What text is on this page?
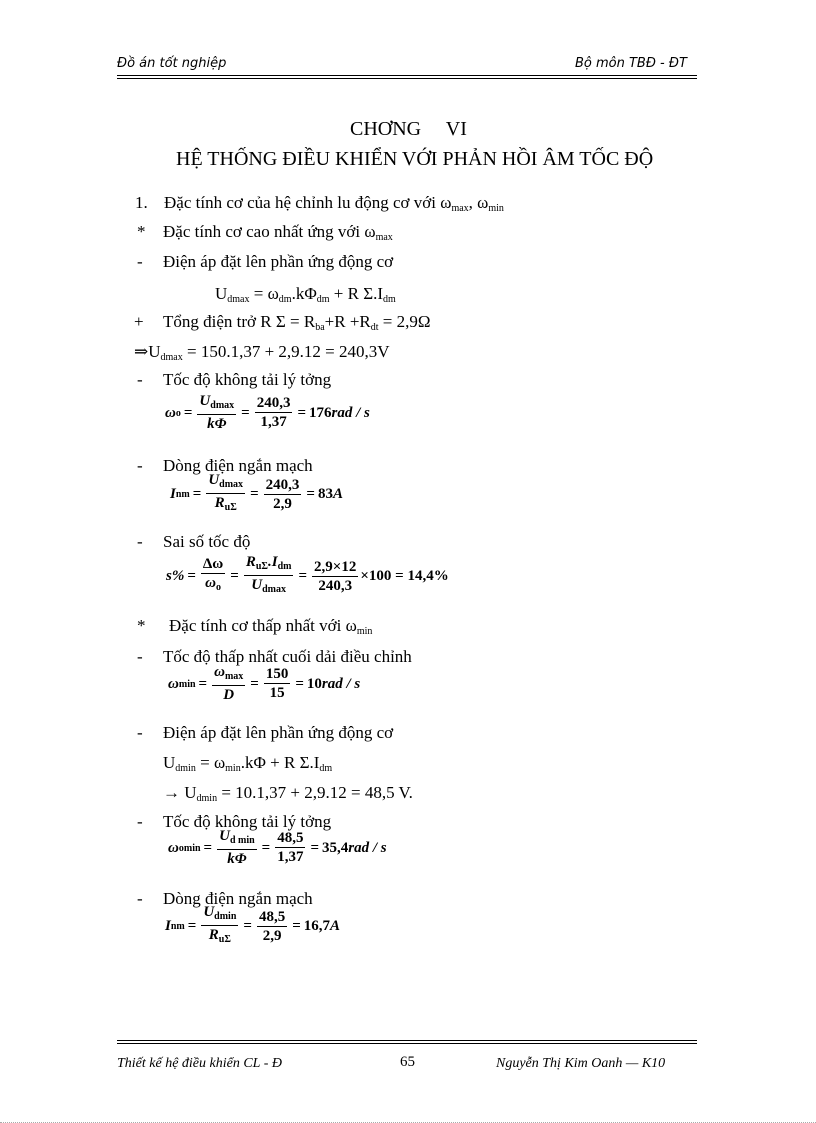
Đồ án tốt nghiệp	Bộ môn TBĐ - ĐT
CHƠNG     VI
HỆ THỐNG ĐIỀU KHIỂN VỚI PHẢN HỒI ÂM TỐC ĐỘ
1. Đặc tính cơ của hệ chỉnh lu động cơ với $\omega_{max}$, $\omega_{min}$
* Đặc tính cơ cao nhất ứng với $\omega_{max}$
- Điện áp đặt lên phần ứng động cơ
$U_{dmax} = \omega_{dm}.k\Phi_{dm} + R$ $\Sigma.I_{dm}$
+ Tổng điện trở R $\Sigma = R_{ba}+R +R_{dt} = 2,9\Omega$
$\Rightarrow U_{dmax} = 150.1,37 + 2,9.12 = 240,3V$
- Tốc độ không tải lý tởng
ω $o = \frac{U_{dmax}}{k\Phi} = \frac{240,3}{1,37} = 176$ rad / s
- Dòng điện ngắn mạch
I nm = $\frac{U_{dmax}}{R_{u\Sigma}} = \frac{240,3}{2,9} = 83$ A
- Sai số tốc độ
$s\% = \frac{\Delta\omega}{\omega_o} = \frac{R_{u\Sigma}.I_{dm}}{U_{dmax}} = \frac{2,9\times 12}{240,3} \times 100 = 14,4\%$
* Đặc tính cơ thấp nhất với $\omega_{min}$
- Tốc độ thấp nhất cuối dải điều chỉnh
ω $\min = \frac{\omega_{max}}{D} = \frac{150}{15} = 10$ rad / s
- Điện áp đặt lên phần ứng động cơ
$U_{dmin} = \omega_{min}.k\Phi + R$ $\Sigma.I_{dm}$
→ $U_{dmin} = 10.1,37 + 2,9.12 = 48,5$ V.
- Tốc độ không tải lý tởng
ω $omin = \frac{U_{d min}}{k\Phi} = \frac{48,5}{1,37} = 35,4$ rad / s
- Dòng điện ngắn mạch
I nm = $\frac{U_{dmin}}{R_{u\Sigma}} = \frac{48,5}{2,9} = 16,7$ A
Thiết kế hệ điều khiển CL - Đ	65	Nguyễn Thị Kim Oanh — K10
